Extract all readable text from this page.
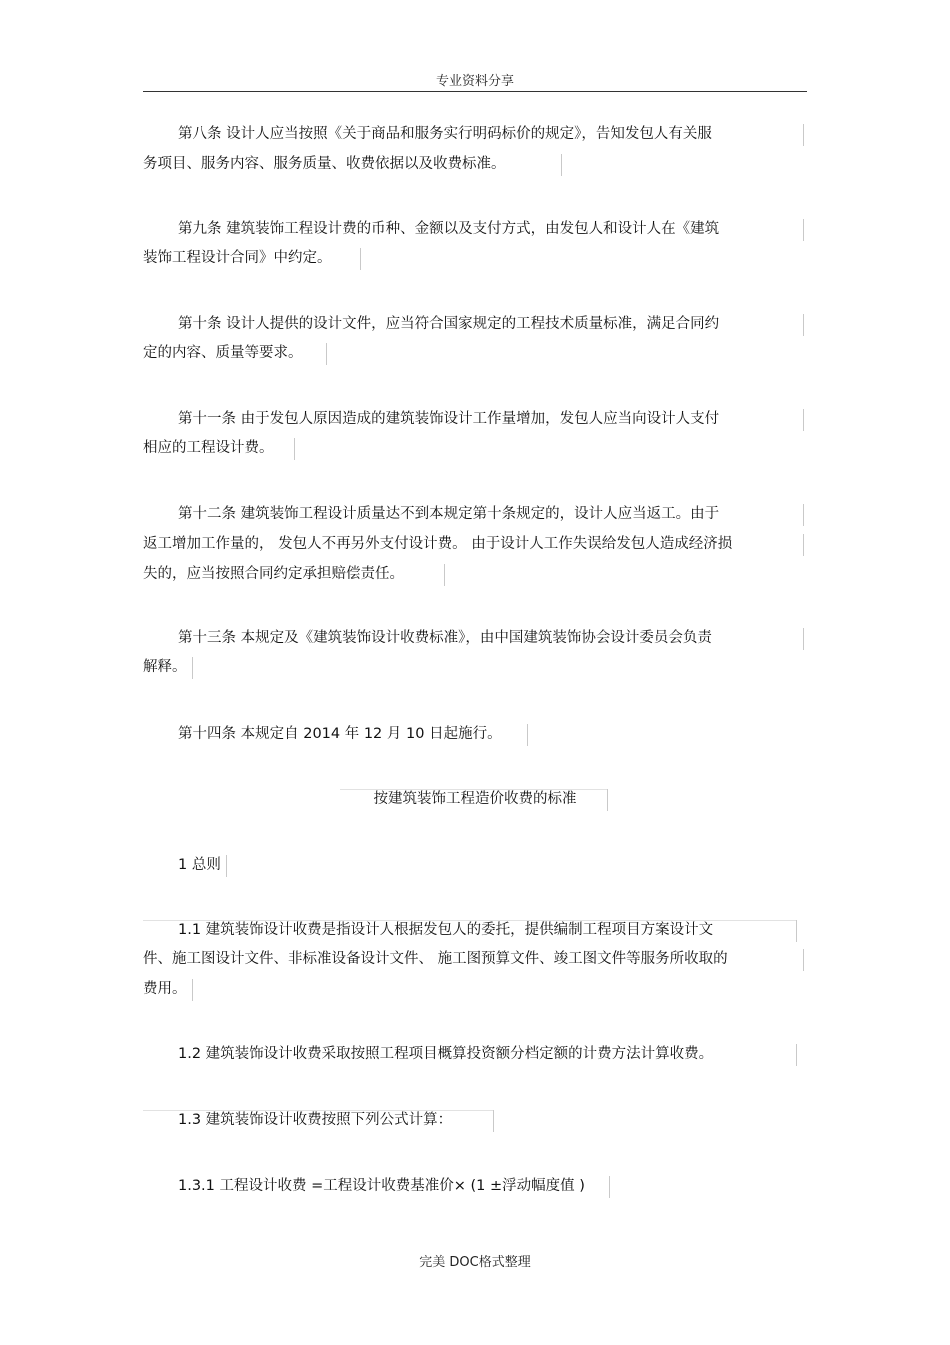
专业资料分享
第八条 设计人应当按照《关于商品和服务实行明码标价的规定》，告知发包人有关服
务项目、服务内容、服务质量、收费依据以及收费标准。
第九条 建筑装饰工程设计费的币种、金额以及支付方式，由发包人和设计人在《建筑
装饰工程设计合同》中约定。
第十条 设计人提供的设计文件，应当符合国家规定的工程技术质量标准，满足合同约
定的内容、质量等要求。
第十一条 由于发包人原因造成的建筑装饰设计工作量增加，发包人应当向设计人支付
相应的工程设计费。
第十二条 建筑装饰工程设计质量达不到本规定第十条规定的，设计人应当返工。由于
返工增加工作量的， 发包人不再另外支付设计费。 由于设计人工作失误给发包人造成经济损
失的，应当按照合同约定承担赔偿责任。
第十三条 本规定及《建筑装饰设计收费标准》，由中国建筑装饰协会设计委员会负责
解释。
第十四条 本规定自 2014 年 12 月 10 日起施行。
按建筑装饰工程造价收费的标准
1 总则
1.1 建筑装饰设计收费是指设计人根据发包人的委托，提供编制工程项目方案设计文
件、施工图设计文件、非标准设备设计文件、 施工图预算文件、竣工图文件等服务所收取的
费用。
1.2 建筑装饰设计收费采取按照工程项目概算投资额分档定额的计费方法计算收费。
1.3 建筑装饰设计收费按照下列公式计算：
1.3.1 工程设计收费 =工程设计收费基准价× (1 ±浮动幅度值 )
完美 DOC格式整理
